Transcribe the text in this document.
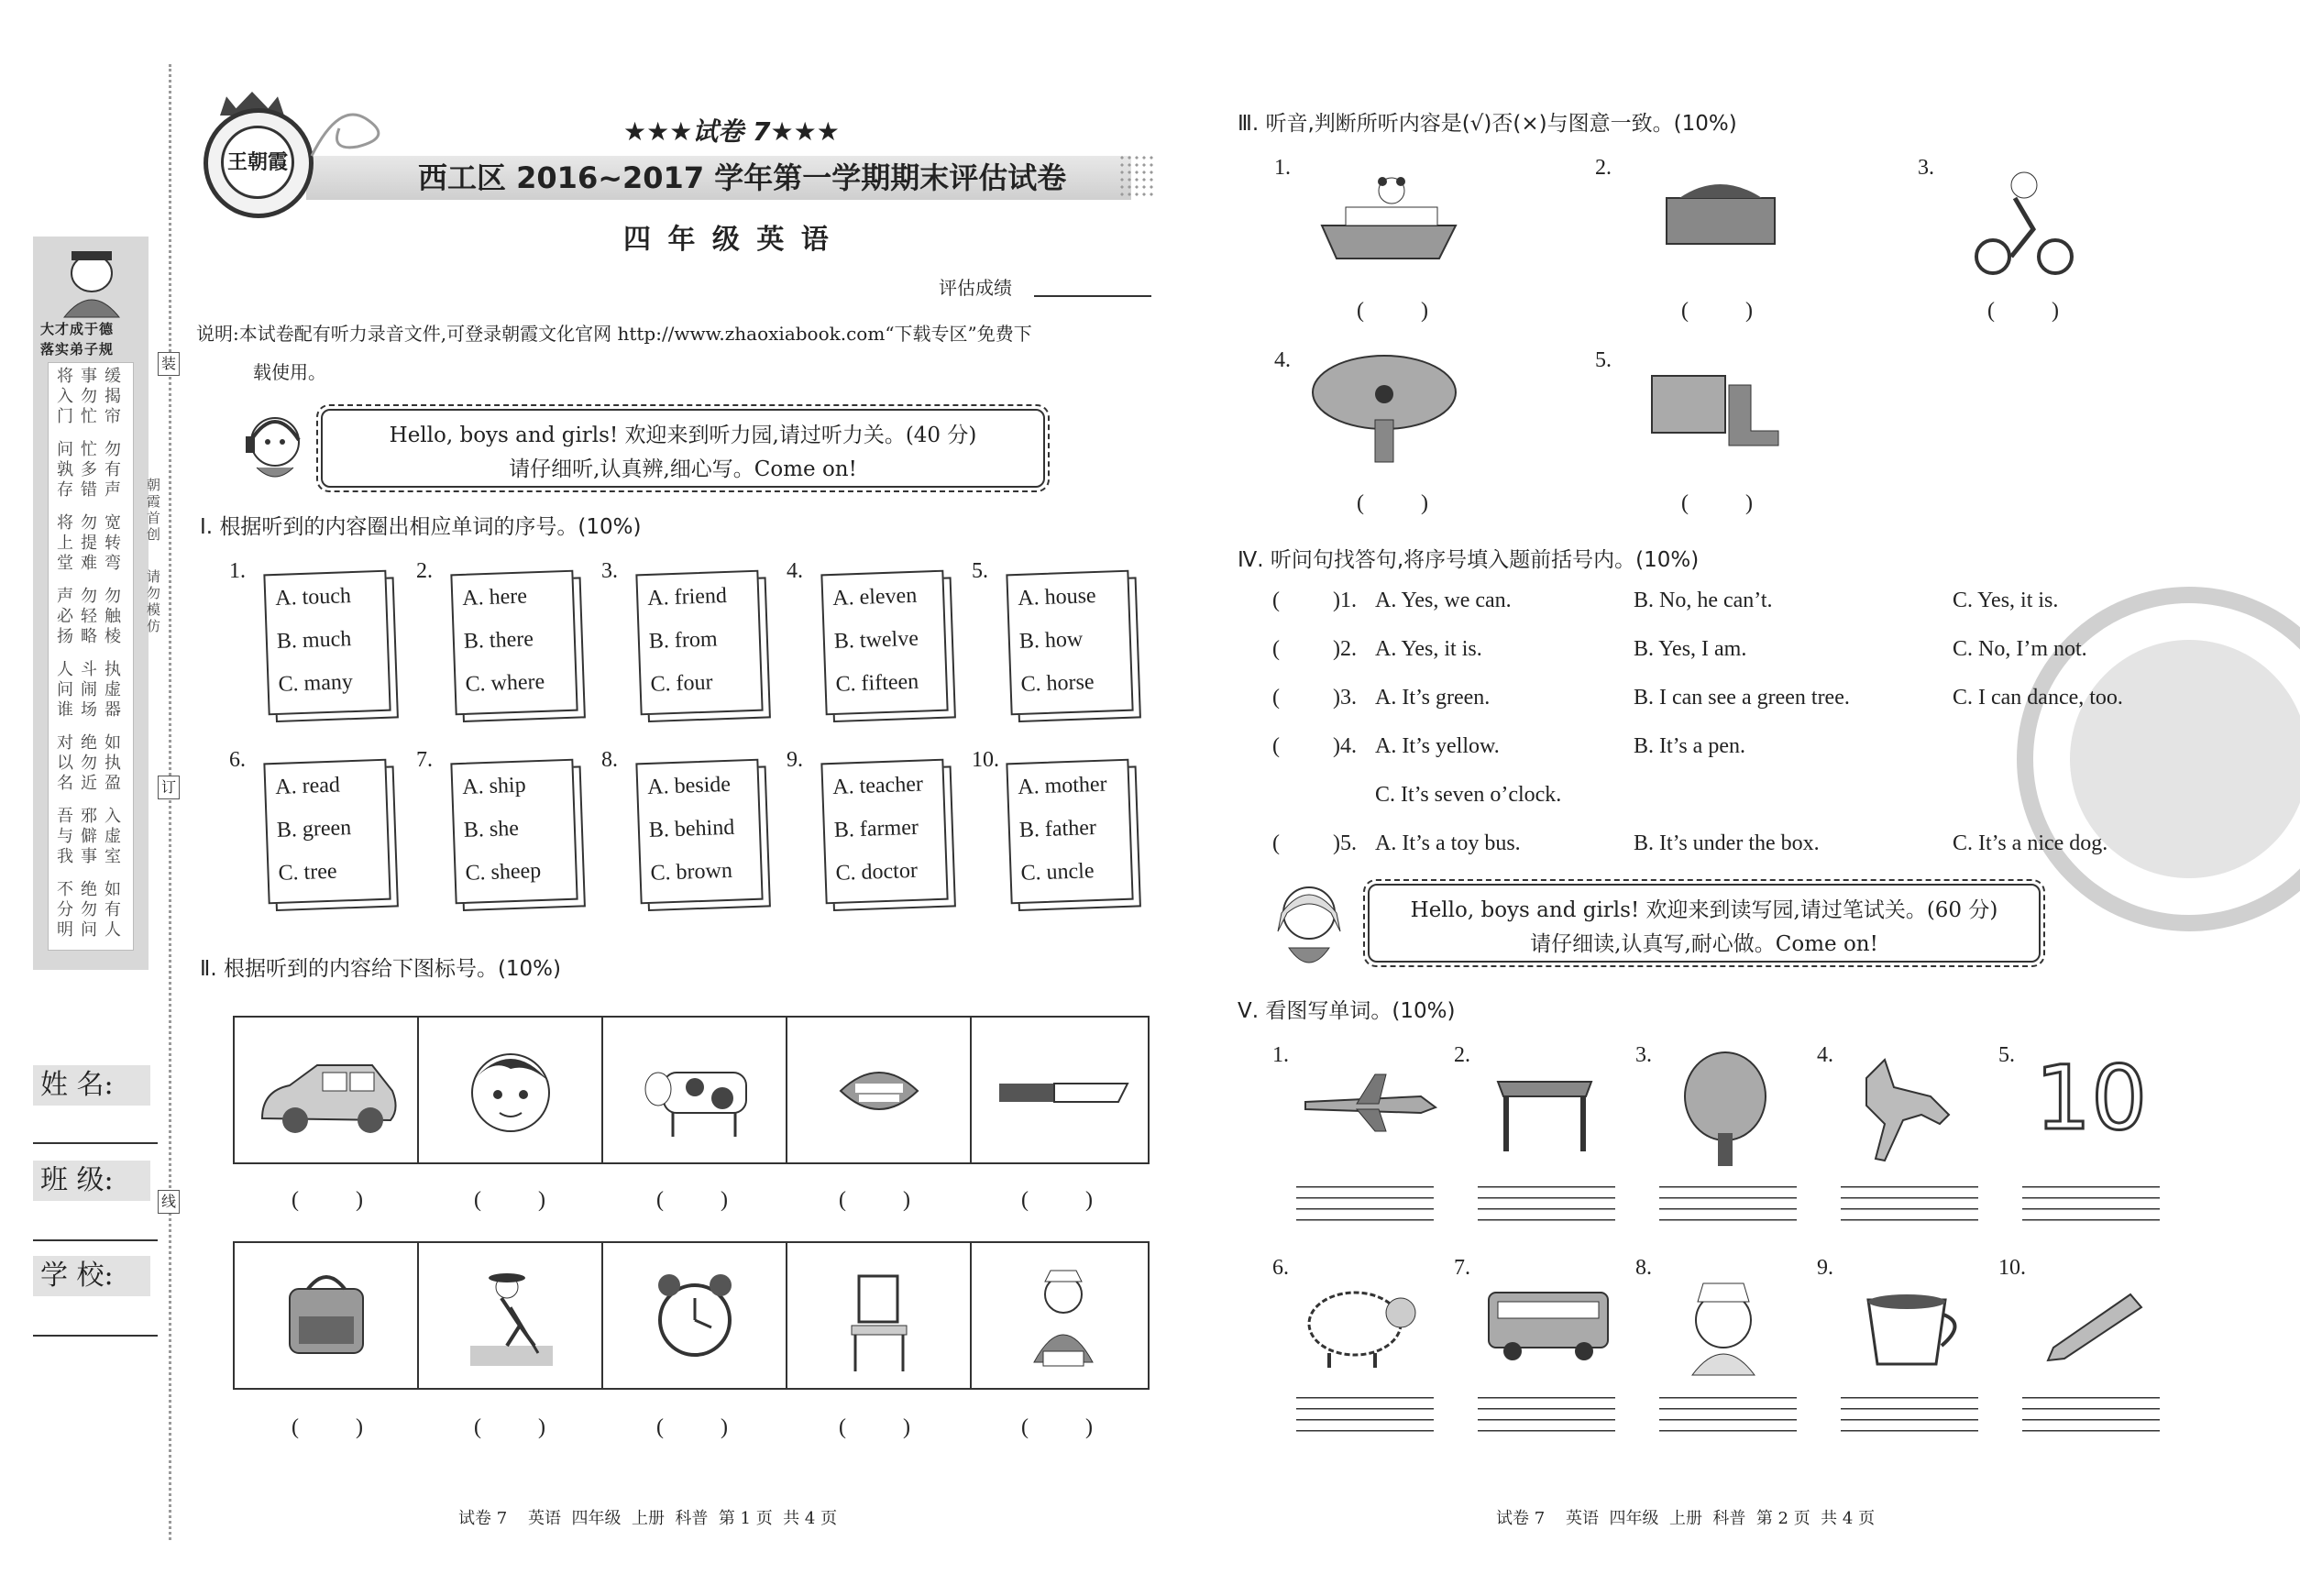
大才成于德
落实弟子规
将入门
事勿忙
缓揭帘
问孰存
忙多错
勿有声
将上堂
勿提难
宽转弯
声必扬
勿轻略
勿触棱
人问谁
斗闹场
执虚器
对以名
绝勿近
如执盈
吾与我
邪僻事
入虚室
不分明
绝勿问
如有人
朝霞首创
请勿模仿
装
订
线
姓 名:
班 级:
学 校:
王朝霞
★★★试卷 7★★★
西工区 2016~2017 学年第一学期期末评估试卷
四 年 级 英 语
评估成绩
说明:本试卷配有听力录音文件,可登录朝霞文化官网 http://www.zhaoxiabook.com“下载专区”免费下
载使用。
Hello, boys and girls! 欢迎来到听力园,请过听力关。(40 分)
请仔细听,认真辨,细心写。Come on!
Ⅰ. 根据听到的内容圈出相应单词的序号。(10%)
1.
A. touch
B. much
C. many
2.
A. here
B. there
C. where
3.
A. friend
B. from
C. four
4.
A. eleven
B. twelve
C. fifteen
5.
A. house
B. how
C. horse
6.
A. read
B. green
C. tree
7.
A. ship
B. she
C. sheep
8.
A. beside
B. behind
C. brown
9.
A. teacher
B. farmer
C. doctor
10.
A. mother
B. father
C. uncle
Ⅱ. 根据听到的内容给下图标号。(10%)
( )	( )	( )	( )	( )
( )	( )	( )	( )	( )
试卷 7    英语  四年级  上册  科普  第 1 页  共 4 页
Ⅲ. 听音,判断所听内容是(√)否(×)与图意一致。(10%)
1.
( )
2.
( )
3.
( )
4.
( )
5.
( )
Ⅳ. 听问句找答句,将序号填入题前括号内。(10%)
( )1. A. Yes, we can.	B. No, he can’t.	C. Yes, it is.
( )2. A. Yes, it is.	B. Yes, I am.	C. No, I’m not.
( )3. A. It’s green.	B. I can see a green tree.	C. I can dance, too.
( )4. A. It’s yellow.	B. It’s a pen.
C. It’s seven o’clock.
( )5. A. It’s a toy bus.	B. It’s under the box.	C. It’s a nice dog.
Hello, boys and girls! 欢迎来到读写园,请过笔试关。(60 分)
请仔细读,认真写,耐心做。Come on!
Ⅴ. 看图写单词。(10%)
1.	2.	3.	4.	5.
6.	7.	8.	9.	10.
10
试卷 7    英语  四年级  上册  科普  第 2 页  共 4 页
